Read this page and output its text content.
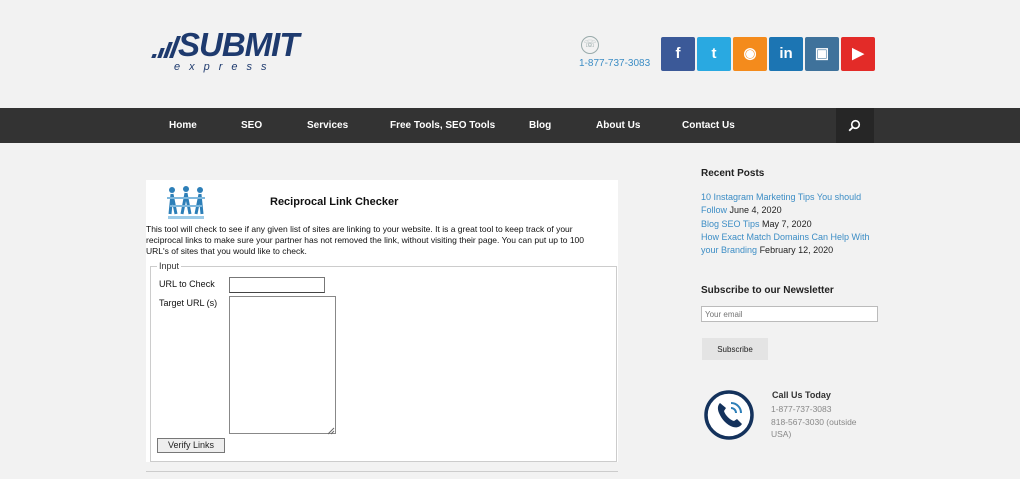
SUBMIT
express
☏
1-877-737-3083
f	t	◉	in	▣	▶
Home	SEO	Services	Free Tools, SEO Tools	Blog	About Us	Contact Us
Reciprocal Link Checker
This tool will check to see if any given list of sites are linking to your website. It is a great tool to keep track of your reciprocal links to make sure your partner has not removed the link, without visiting their page. You can put up to 100 URL's of sites that you would like to check.
Input
URL to Check
Target URL (s)
Verify Links
Recent Posts
10 Instagram Marketing Tips You should Follow June 4, 2020
Blog SEO Tips May 7, 2020
How Exact Match Domains Can Help With your Branding February 12, 2020
Subscribe to our Newsletter
Your email
Subscribe
Call Us Today
1-877-737-3083
818-567-3030 (outside
USA)
